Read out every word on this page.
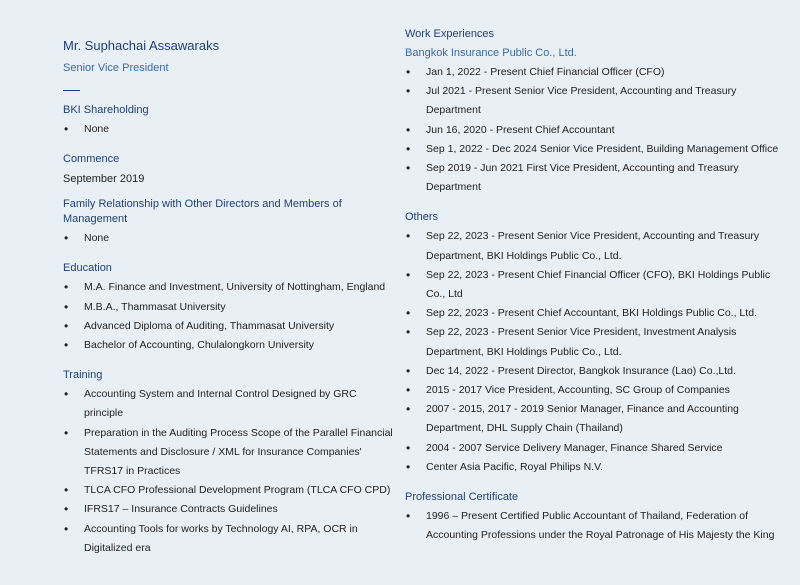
Mr. Suphachai Assawaraks

Senior Vice President

BKI Shareholding

• None

Commence

September 2019

Family Relationship with Other Directors and Members of Management

• None

Education

• M.A. Finance and Investment, University of Nottingham, England
• M.B.A., Thammasat University
• Advanced Diploma of Auditing, Thammasat University
• Bachelor of Accounting, Chulalongkorn University

Training

• Accounting System and Internal Control Designed by GRC principle
• Preparation in the Auditing Process Scope of the Parallel Financial Statements and Disclosure / XML for Insurance Companies' TFRS17 in Practices
• TLCA CFO Professional Development Program (TLCA CFO CPD)
• IFRS17 – Insurance Contracts Guidelines
• Accounting Tools for works by Technology AI, RPA, OCR in Digitalized era

Work Experiences

Bangkok Insurance Public Co., Ltd.

• Jan 1, 2022 - Present Chief Financial Officer (CFO)
• Jul 2021 - Present Senior Vice President, Accounting and Treasury Department
• Jun 16, 2020 - Present Chief Accountant
• Sep 1, 2022 - Dec 2024 Senior Vice President, Building Management Office
• Sep 2019 - Jun 2021 First Vice President, Accounting and Treasury Department

Others

• Sep 22, 2023 - Present Senior Vice President, Accounting and Treasury Department, BKI Holdings Public Co., Ltd.
• Sep 22, 2023 - Present Chief Financial Officer (CFO), BKI Holdings Public Co., Ltd
• Sep 22, 2023 - Present Chief Accountant, BKI Holdings Public Co., Ltd.
• Sep 22, 2023 - Present Senior Vice President, Investment Analysis Department, BKI Holdings Public Co., Ltd.
• Dec 14, 2022 - Present Director, Bangkok Insurance (Lao) Co.,Ltd.
• 2015 - 2017 Vice President, Accounting, SC Group of Companies
• 2007 - 2015, 2017 - 2019 Senior Manager, Finance and Accounting Department, DHL Supply Chain (Thailand)
• 2004 - 2007 Service Delivery Manager, Finance Shared Service
• Center Asia Pacific, Royal Philips N.V.

Professional Certificate

• 1996 – Present Certified Public Accountant of Thailand, Federation of Accounting Professions under the Royal Patronage of His Majesty the King
